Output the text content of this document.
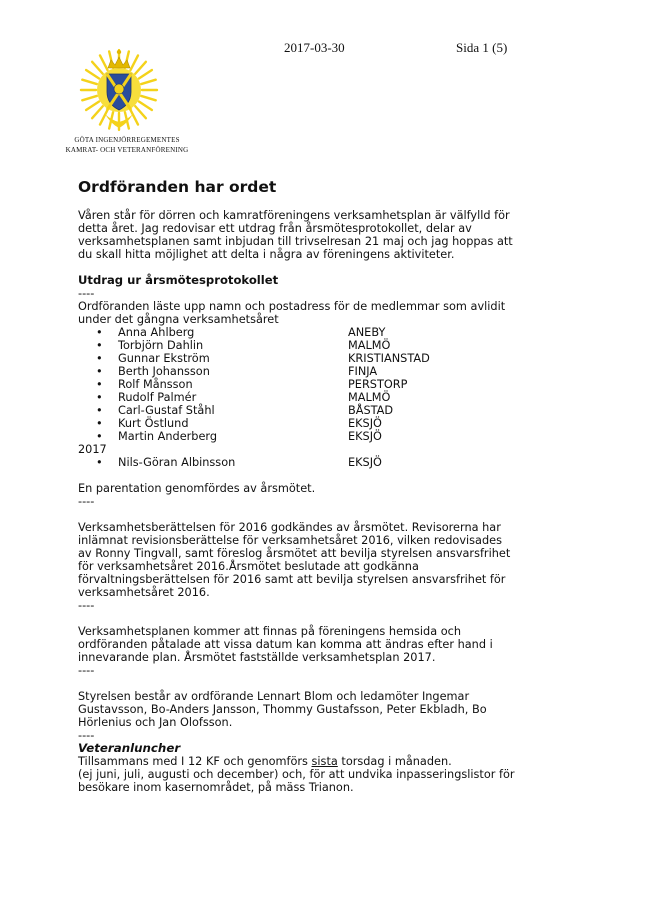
2017-03-30	Sida 1 (5)
GÖTA INGENJÖRREGEMENTES
KAMRAT- OCH VETERANFÖRENING
Ordföranden har ordet

Våren står för dörren och kamratföreningens verksamhetsplan är välfylld för detta året. Jag redovisar ett utdrag från årsmötesprotokollet, delar av verksamhetsplanen samt inbjudan till trivselresan 21 maj och jag hoppas att du skall hitta möjlighet att delta i några av föreningens aktiviteter.

Utdrag ur årsmötesprotokollet
----

Ordföranden läste upp namn och postadress för de medlemmar som avlidit under det gångna verksamhetsåret

• Anna Ahlberg	ANEBY
• Torbjörn Dahlin	MALMÖ
• Gunnar Ekström	KRISTIANSTAD
• Berth Johansson	FINJA
• Rolf Månsson	PERSTORP
• Rudolf Palmér	MALMÖ
• Carl-Gustaf Ståhl	BÅSTAD
• Kurt Östlund	EKSJÖ
• Martin Anderberg	EKSJÖ
2017
• Nils-Göran Albinsson	EKSJÖ

En parentation genomfördes av årsmötet.

----

Verksamhetsberättelsen för 2016 godkändes av årsmötet. Revisorerna har inlämnat revisionsberättelse för verksamhetsåret 2016, vilken redovisades av Ronny Tingvall, samt föreslog årsmötet att bevilja styrelsen ansvarsfrihet för verksamhetsåret 2016.Årsmötet beslutade att godkänna förvaltningsberättelsen för 2016 samt att bevilja styrelsen ansvarsfrihet för verksamhetsåret 2016.

----

Verksamhetsplanen kommer att finnas på föreningens hemsida och ordföranden påtalade att vissa datum kan komma att ändras efter hand i innevarande plan. Årsmötet fastställde verksamhetsplan 2017.

----

Styrelsen består av ordförande Lennart Blom och ledamöter Ingemar Gustavsson, Bo-Anders Jansson, Thommy Gustafsson, Peter Ekbladh, Bo Hörlenius och Jan Olofsson.

----
Veteranluncher

Tillsammans med I 12 KF och genomförs sista torsdag i månaden.

(ej juni, juli, augusti och december) och, för att undvika inpasseringslistor för besökare inom kasernområdet, på mäss Trianon.
